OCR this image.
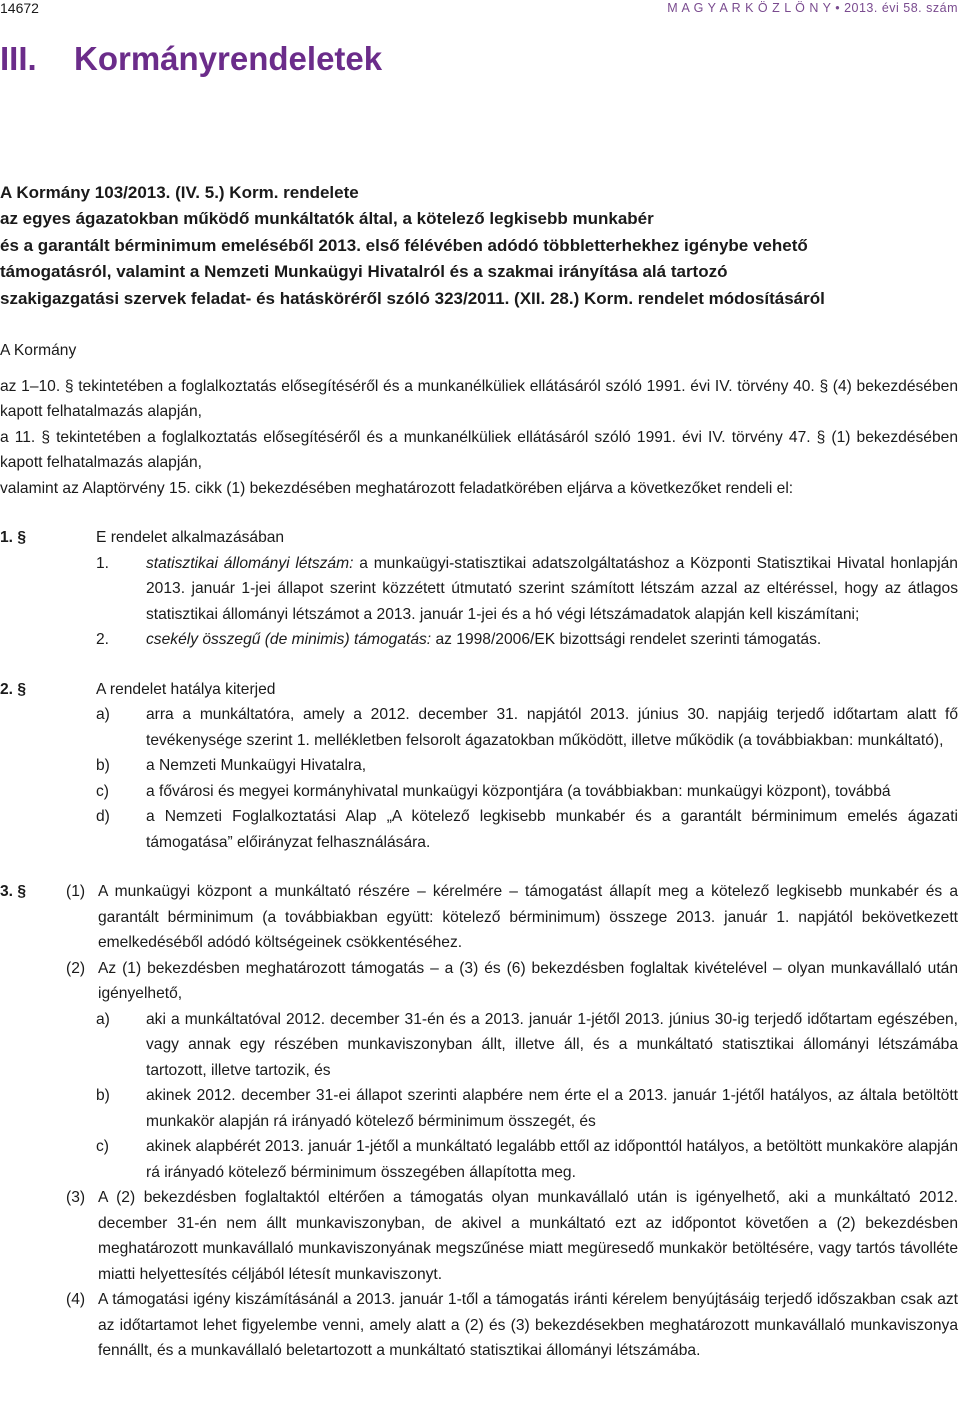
14672	M A G Y A R K Ö Z L Ö N Y • 2013. évi 58. szám
III. Kormányrendeletek
A Kormány 103/2013. (IV. 5.) Korm. rendelete
az egyes ágazatokban működő munkáltatók által, a kötelező legkisebb munkabér
és a garantált bérminimum emeléséből 2013. első félévében adódó többletterhekhez igénybe vehető
támogatásról, valamint a Nemzeti Munkaügyi Hivatalról és a szakmai irányítása alá tartozó
szakigazgatási szervek feladat- és hatásköréről szóló 323/2011. (XII. 28.) Korm. rendelet módosításáról

A Kormány

az 1–10. § tekintetében a foglalkoztatás elősegítéséről és a munkanélküliek ellátásáról szóló 1991. évi IV. törvény 40. § (4) bekezdésében kapott felhatalmazás alapján,

a 11. § tekintetében a foglalkoztatás elősegítéséről és a munkanélküliek ellátásáról szóló 1991. évi IV. törvény 47. § (1) bekezdésében kapott felhatalmazás alapján,

valamint az Alaptörvény 15. cikk (1) bekezdésében meghatározott feladatkörében eljárva a következőket rendeli el:

1. §	E rendelet alkalmazásában
1.	statisztikai állományi létszám: a munkaügyi-statisztikai adatszolgáltatáshoz a Központi Statisztikai Hivatal honlapján 2013. január 1-jei állapot szerint közzétett útmutató szerint számított létszám azzal az eltéréssel, hogy az átlagos statisztikai állományi létszámot a 2013. január 1-jei és a hó végi létszámadatok alapján kell kiszámítani;
2.	csekély összegű (de minimis) támogatás: az 1998/2006/EK bizottsági rendelet szerinti támogatás.
2. §	A rendelet hatálya kiterjed
a)	arra a munkáltatóra, amely a 2012. december 31. napjától 2013. június 30. napjáig terjedő időtartam alatt fő tevékenysége szerint 1. mellékletben felsorolt ágazatokban működött, illetve működik (a továbbiakban: munkáltató),
b)	a Nemzeti Munkaügyi Hivatalra,
c)	a fővárosi és megyei kormányhivatal munkaügyi központjára (a továbbiakban: munkaügyi központ), továbbá
d)	a Nemzeti Foglalkoztatási Alap „A kötelező legkisebb munkabér és a garantált bérminimum emelés ágazati támogatása” előirányzat felhasználására.
3. §	(1) A munkaügyi központ a munkáltató részére – kérelmére – támogatást állapít meg a kötelező legkisebb munkabér és a garantált bérminimum (a továbbiakban együtt: kötelező bérminimum) összege 2013. január 1. napjától bekövetkezett emelkedéséből adódó költségeinek csökkentéséhez.
(2) Az (1) bekezdésben meghatározott támogatás – a (3) és (6) bekezdésben foglaltak kivételével – olyan munkavállaló után igényelhető,
a)	aki a munkáltatóval 2012. december 31-én és a 2013. január 1-jétől 2013. június 30-ig terjedő időtartam egészében, vagy annak egy részében munkaviszonyban állt, illetve áll, és a munkáltató statisztikai állományi létszámába tartozott, illetve tartozik, és
b)	akinek 2012. december 31-ei állapot szerinti alapbére nem érte el a 2013. január 1-jétől hatályos, az általa betöltött munkakör alapján rá irányadó kötelező bérminimum összegét, és
c)	akinek alapbérét 2013. január 1-jétől a munkáltató legalább ettől az időponttól hatályos, a betöltött munkaköre alapján rá irányadó kötelező bérminimum összegében állapította meg.
(3) A (2) bekezdésben foglaltaktól eltérően a támogatás olyan munkavállaló után is igényelhető, aki a munkáltató 2012. december 31-én nem állt munkaviszonyban, de akivel a munkáltató ezt az időpontot követően a (2) bekezdésben meghatározott munkavállaló munkaviszonyának megszűnése miatt megüresedő munkakör betöltésére, vagy tartós távolléte miatti helyettesítés céljából létesít munkaviszonyt.
(4) A támogatási igény kiszámításánál a 2013. január 1-től a támogatás iránti kérelem benyújtásáig terjedő időszakban csak azt az időtartamot lehet figyelembe venni, amely alatt a (2) és (3) bekezdésekben meghatározott munkavállaló munkaviszonya fennállt, és a munkavállaló beletartozott a munkáltató statisztikai állományi létszámába.
